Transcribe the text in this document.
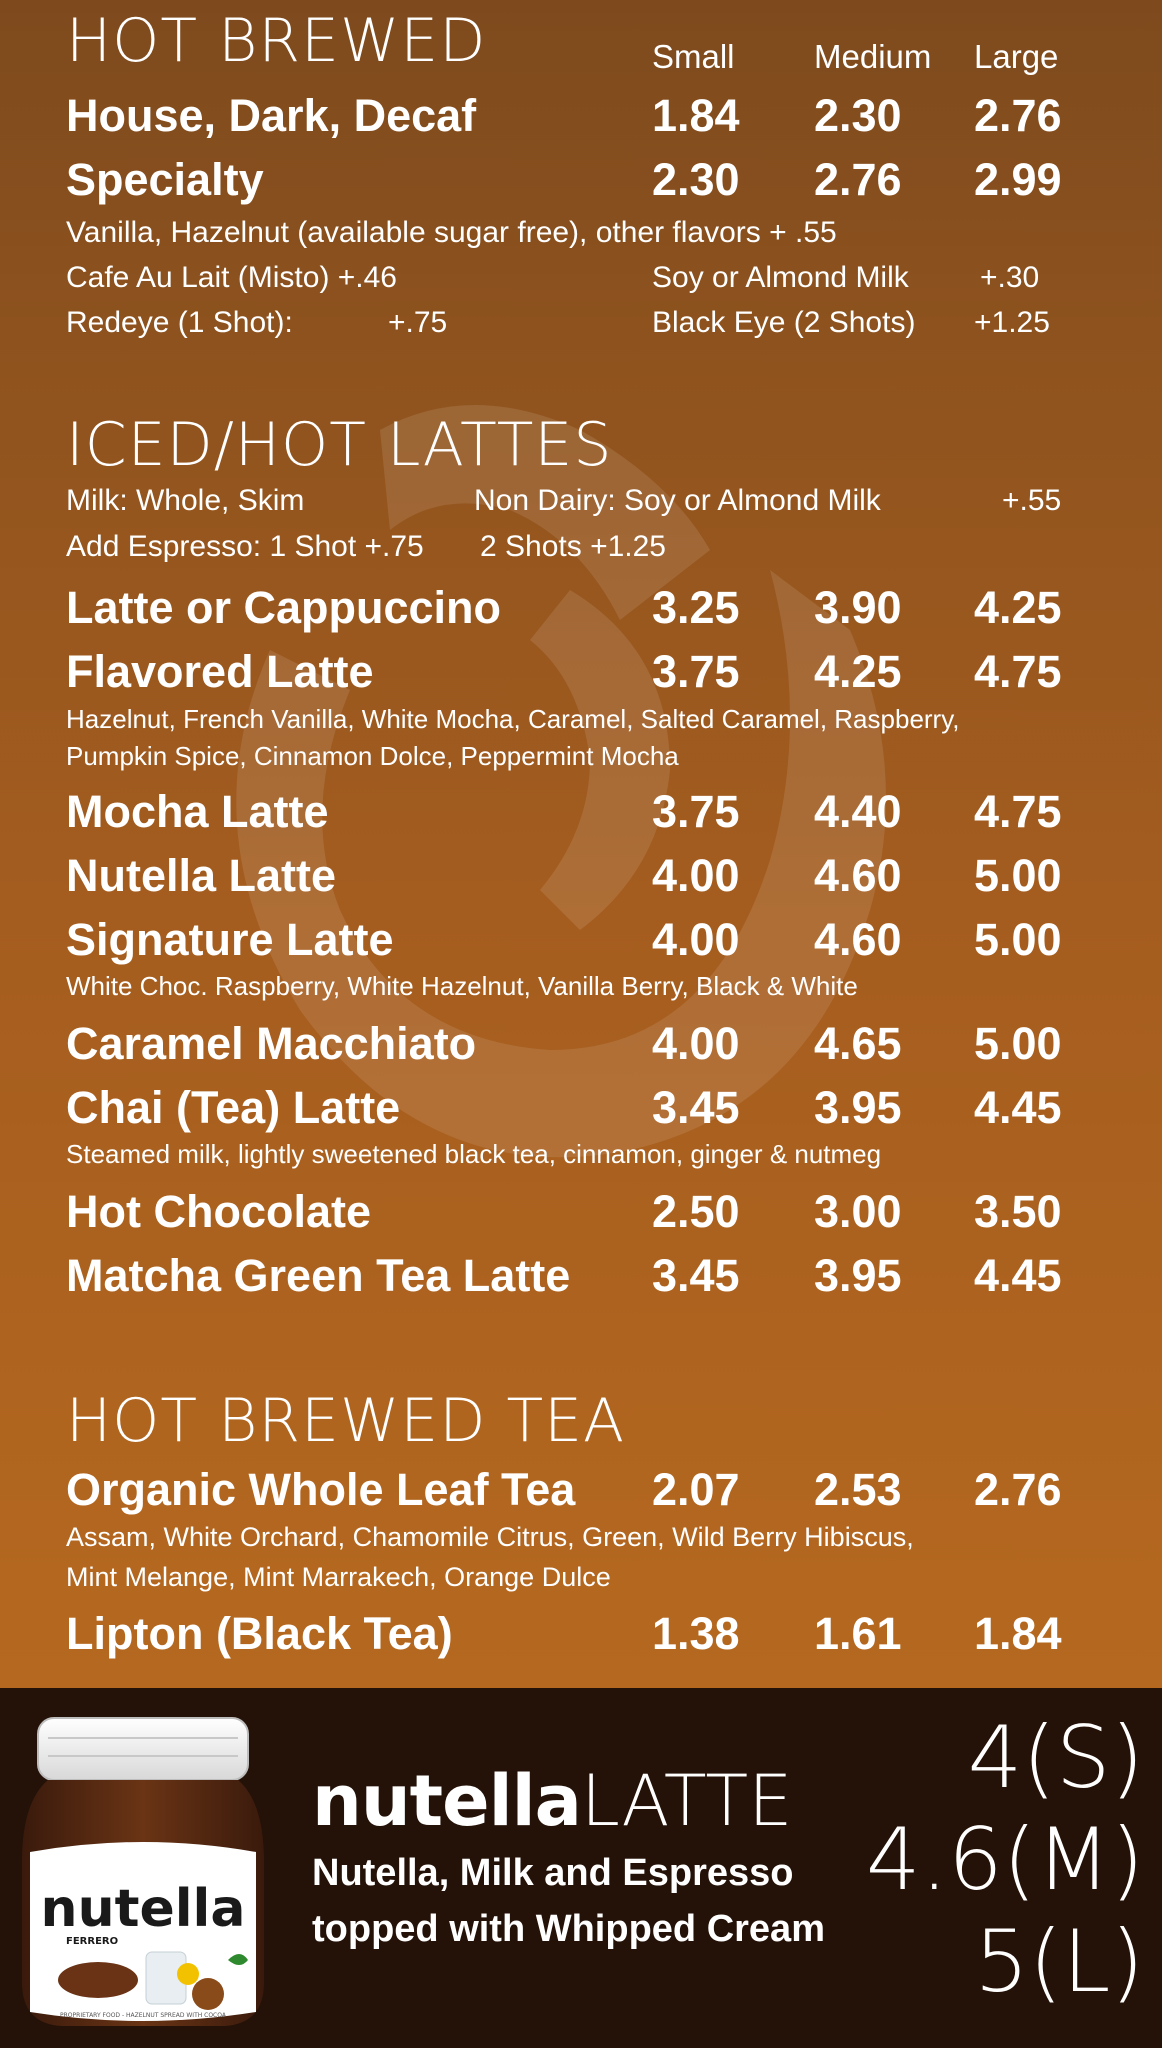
HOT BREWED	Small Medium Large
House, Dark, Decaf	1.84 2.30 2.76
Specialty	2.30 2.76 2.99
Vanilla, Hazelnut (available sugar free), other flavors + .55
Cafe Au Lait (Misto) +.46	Soy or Almond Milk +.30
Redeye (1 Shot):	+.75	Black Eye (2 Shots) +1.25
ICED/HOT LATTES
Milk: Whole, Skim	Non Dairy: Soy or Almond Milk	+.55
Add Espresso: 1 Shot +.75 2 Shots +1.25
Latte or Cappuccino	3.25 3.90 4.25
Flavored Latte	3.75 4.25 4.75
Hazelnut, French Vanilla, White Mocha, Caramel, Salted Caramel, Raspberry,
Pumpkin Spice, Cinnamon Dolce, Peppermint Mocha
Mocha Latte	3.75 4.40 4.75
Nutella Latte	4.00 4.60 5.00
Signature Latte	4.00 4.60 5.00
White Choc. Raspberry, White Hazelnut, Vanilla Berry, Black & White
Caramel Macchiato	4.00 4.65 5.00
Chai (Tea) Latte	3.45 3.95 4.45
Steamed milk, lightly sweetened black tea, cinnamon, ginger & nutmeg
Hot Chocolate	2.50 3.00 3.50
Matcha Green Tea Latte 3.45 3.95 4.45
HOT BREWED TEA
Organic Whole Leaf Tea 2.07 2.53 2.76
Assam, White Orchard, Chamomile Citrus, Green, Wild Berry Hibiscus,
Mint Melange, Mint Marrakech, Orange Dulce
Lipton (Black Tea)	1.38 1.61 1.84
nutella
FERRERO
PROPRIETARY FOOD - HAZELNUT SPREAD WITH COCOA
nutellaLATTE
Nutella, Milk and Espresso
topped with Whipped Cream
4(S)
4.6(M)
5(L)
